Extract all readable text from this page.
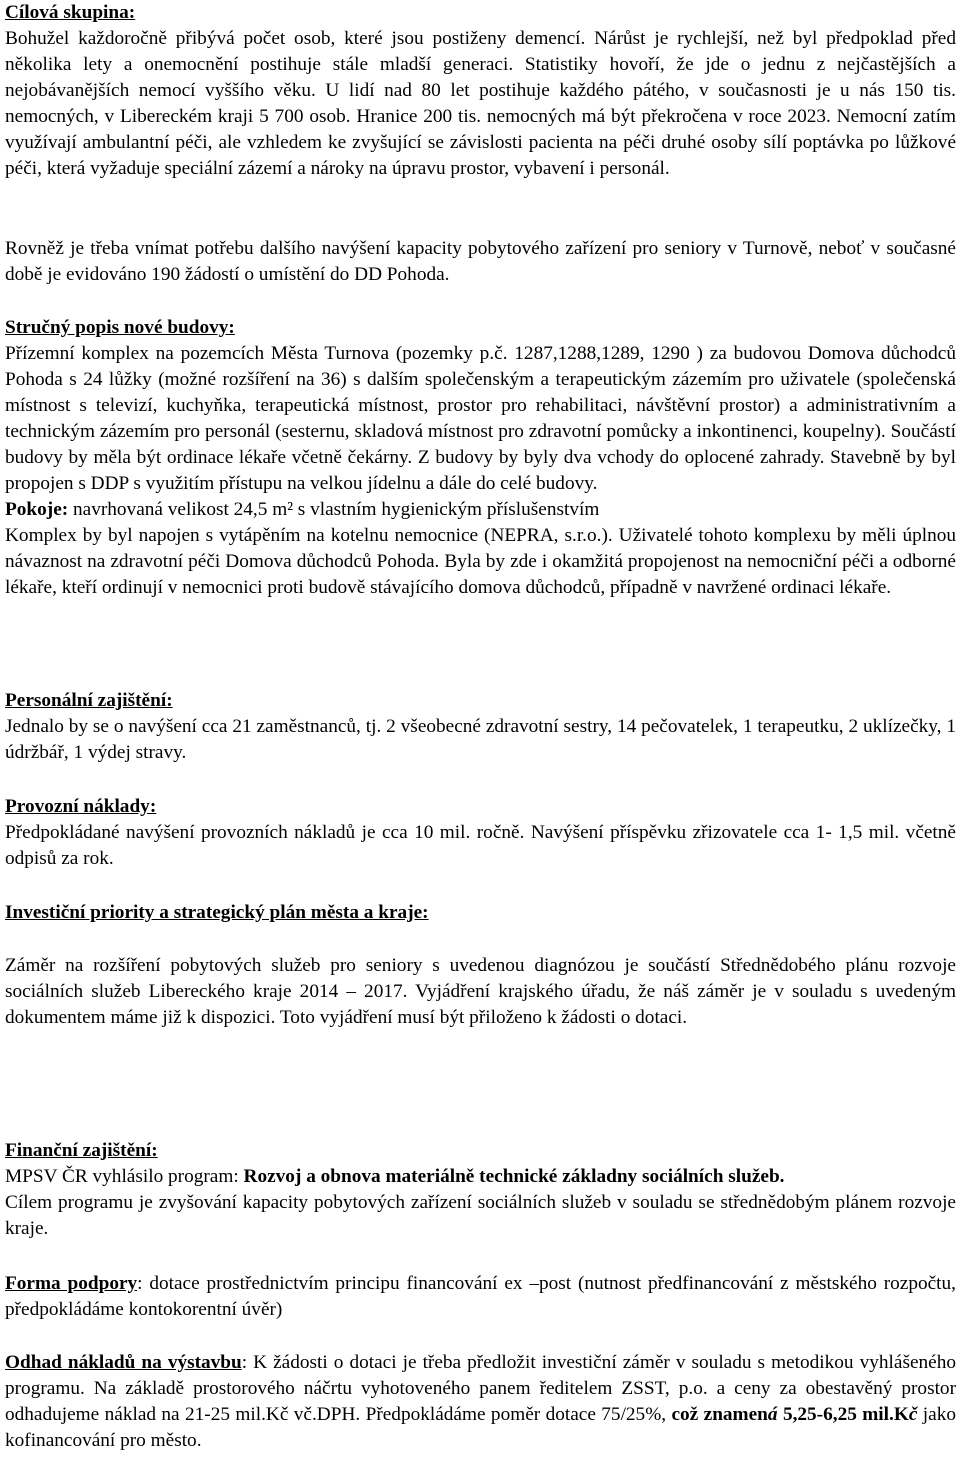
Cílová skupina:

Bohužel každoročně přibývá počet osob, které jsou postiženy demencí. Nárůst je rychlejší, než byl předpoklad před několika lety a onemocnění postihuje stále mladší generaci. Statistiky hovoří, že jde o jednu z nejčastějších a nejobávanějších nemocí vyššího věku. U lidí nad 80 let postihuje každého pátého, v současnosti je u nás 150 tis. nemocných, v Libereckém kraji 5 700 osob. Hranice 200 tis. nemocných má být překročena v roce 2023. Nemocní zatím využívají ambulantní péči, ale vzhledem ke zvyšující se závislosti pacienta na péči druhé osoby sílí poptávka po lůžkové péči, která vyžaduje speciální zázemí a nároky na úpravu prostor, vybavení i personál.

Rovněž je třeba vnímat potřebu dalšího navýšení kapacity pobytového zařízení pro seniory v Turnově, neboť v současné době je evidováno 190 žádostí o umístění do DD Pohoda.

Stručný popis nové budovy:

Přízemní komplex na pozemcích Města Turnova (pozemky p.č. 1287,1288,1289, 1290 ) za budovou Domova důchodců Pohoda s 24 lůžky (možné rozšíření na 36) s dalším společenským a terapeutickým zázemím pro uživatele (společenská místnost s televizí, kuchyňka, terapeutická místnost, prostor pro rehabilitaci, návštěvní prostor) a administrativním a technickým zázemím pro personál (sesternu, skladová místnost pro zdravotní pomůcky a inkontinenci, koupelny). Součástí budovy by měla být ordinace lékaře včetně čekárny. Z budovy by byly dva vchody do oplocené zahrady. Stavebně by byl propojen s DDP s využitím přístupu na velkou jídelnu a dále do celé budovy.

Pokoje: navrhovaná velikost 24,5 m² s vlastním hygienickým příslušenstvím

Komplex by byl napojen s vytápěním na kotelnu nemocnice (NEPRA, s.r.o.). Uživatelé tohoto komplexu by měli úplnou návaznost na zdravotní péči Domova důchodců Pohoda. Byla by zde i okamžitá propojenost na nemocniční péči a odborné lékaře, kteří ordinují v nemocnici proti budově stávajícího domova důchodců, případně v navržené ordinaci lékaře.

Personální zajištění:

Jednalo by se o navýšení cca 21 zaměstnanců, tj. 2 všeobecné zdravotní sestry, 14 pečovatelek, 1 terapeutku, 2 uklízečky, 1 údržbář, 1 výdej stravy.

Provozní náklady:

Předpokládané navýšení provozních nákladů je cca 10 mil. ročně. Navýšení příspěvku zřizovatele cca 1- 1,5 mil. včetně odpisů za rok.

Investiční priority a strategický plán města a kraje:

Záměr na rozšíření pobytových služeb pro seniory s uvedenou diagnózou je součástí Střednědobého plánu rozvoje sociálních služeb Libereckého kraje 2014 – 2017. Vyjádření krajského úřadu, že náš záměr je v souladu s uvedeným dokumentem máme již k dispozici. Toto vyjádření musí být přiloženo k žádosti o dotaci.

Finanční zajištění:

MPSV ČR vyhlásilo program: Rozvoj a obnova materiálně technické základny sociálních služeb.

Cílem programu je zvyšování kapacity pobytových zařízení sociálních služeb v souladu se střednědobým plánem rozvoje kraje.

Forma podpory: dotace prostřednictvím principu financování ex –post (nutnost předfinancování z městského rozpočtu, předpokládáme kontokorentní úvěr)

Odhad nákladů na výstavbu: K žádosti o dotaci je třeba předložit investiční záměr v souladu s metodikou vyhlášeného programu. Na základě prostorového náčrtu vyhotoveného panem ředitelem ZSST, p.o. a ceny za obestavěný prostor odhadujeme náklad na 21-25 mil.Kč vč.DPH. Předpokládáme poměr dotace 75/25%, což znamená 5,25-6,25 mil.Kč jako kofinancování pro město.
